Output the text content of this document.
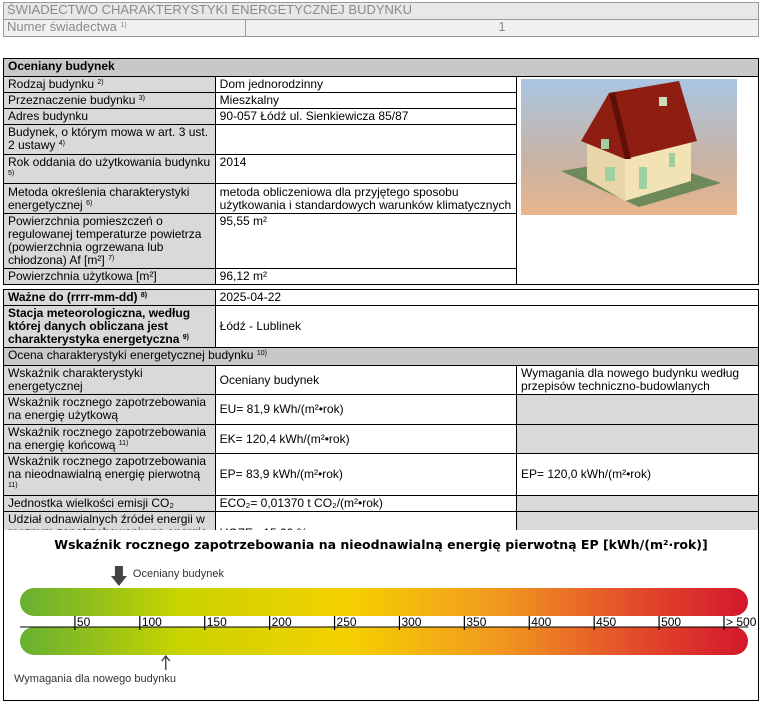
ŚWIADECTWO CHARAKTERYSTYKI ENERGETYCZNEJ BUDYNKU
Numer świadectwa $^{1)}$	1
Oceniany budynek		
Rodzaj budynku $^{2)}$	Dom jednorodzinny	
Przeznaczenie budynku $^{3)}$	Mieszkalny	
Adres budynku	90-057 Łódź ul. Sienkiewicza 85/87	
Budynek, o którym mowa w art. 3 ust. 2 ustawy $^{4)}$	
Rok oddania do użytkowania budynku $^{5)}$	2014	
Metoda określenia charakterystyki energetycznej $^{6)}$	metoda obliczeniowa dla przyjętego sposobu użytkowania i standardowych warunków klimatycznych	
Powierzchnia pomieszczeń o regulowanej temperaturze powietrza (powierzchnia ogrzewana lub chłodzona) Af [m²] $^{7)}$	95,55 m²	
Powierzchnia użytkowa [m²]	96,12 m²	

Ważne do (rrrr-mm-dd) $^{8)}$	2025-04-22	
Stacja meteorologiczna, według której danych obliczana jest charakterystyka energetyczna $^{9)}$	Łódź - Lublinek	
Ocena charakterystyki energetycznej budynku $^{10)}$
Wskaźnik charakterystyki energetycznej	Oceniany budynek	Wymagania dla nowego budynku według przepisów techniczno-budowlanych
Wskaźnik rocznego zapotrzebowania na energię użytkową	EU= 81,9 kWh/(m²•rok)	
Wskaźnik rocznego zapotrzebowania na energię końcową $^{11)}$	EK= 120,4 kWh/(m²•rok)	
Wskaźnik rocznego zapotrzebowania na nieodnawialną energię pierwotną $^{11)}$	EP= 83,9 kWh/(m²•rok)	EP= 120,0 kWh/(m²•rok)
Jednostka wielkości emisji CO₂	ECO₂= 0,01370 t CO₂/(m²•rok)	
Udział odnawialnych źródeł energii w		
Wskaźnik rocznego zapotrzebowania na nieodnawialną energię pierwotną EP [kWh/(m²·rok)]
50	100	150	200	250	300	350	400	450	500	> 500
Oceniany budynek
Wymagania dla nowego budynku
